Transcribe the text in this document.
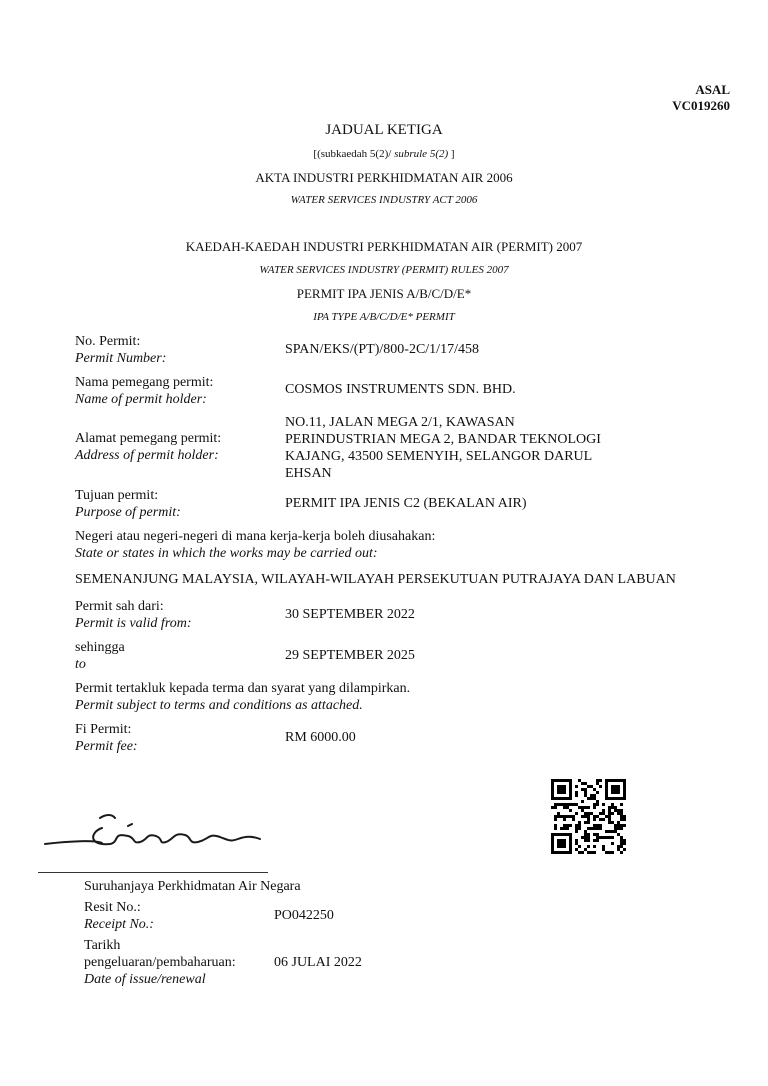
ASAL
VC019260
JADUAL KETIGA
[(subkaedah 5(2)/ subrule 5(2) ]
AKTA INDUSTRI PERKHIDMATAN AIR 2006
WATER SERVICES INDUSTRY ACT 2006
KAEDAH-KAEDAH INDUSTRI PERKHIDMATAN AIR (PERMIT) 2007
WATER SERVICES INDUSTRY (PERMIT) RULES 2007
PERMIT IPA JENIS A/B/C/D/E*
IPA TYPE A/B/C/D/E* PERMIT
No. Permit:
Permit Number:
SPAN/EKS/(PT)/800-2C/1/17/458
Nama pemegang permit:
Name of permit holder:
COSMOS INSTRUMENTS SDN. BHD.
Alamat pemegang permit:
Address of permit holder:
NO.11, JALAN MEGA 2/1, KAWASAN
PERINDUSTRIAN MEGA 2, BANDAR TEKNOLOGI
KAJANG, 43500 SEMENYIH, SELANGOR DARUL
EHSAN
Tujuan permit:
Purpose of permit:
PERMIT IPA JENIS C2 (BEKALAN AIR)
Negeri atau negeri-negeri di mana kerja-kerja boleh diusahakan:
State or states in which the works may be carried out:
SEMENANJUNG MALAYSIA, WILAYAH-WILAYAH PERSEKUTUAN PUTRAJAYA DAN LABUAN
Permit sah dari:
Permit is valid from:
30 SEPTEMBER 2022
sehingga
to
29 SEPTEMBER 2025
Permit tertakluk kepada terma dan syarat yang dilampirkan.
Permit subject to terms and conditions as attached.
Fi Permit:
Permit fee:
RM 6000.00
Suruhanjaya Perkhidmatan Air Negara
Resit No.:
Receipt No.:
PO042250
Tarikh
pengeluaran/pembaharuan:
Date of issue/renewal
06 JULAI 2022
